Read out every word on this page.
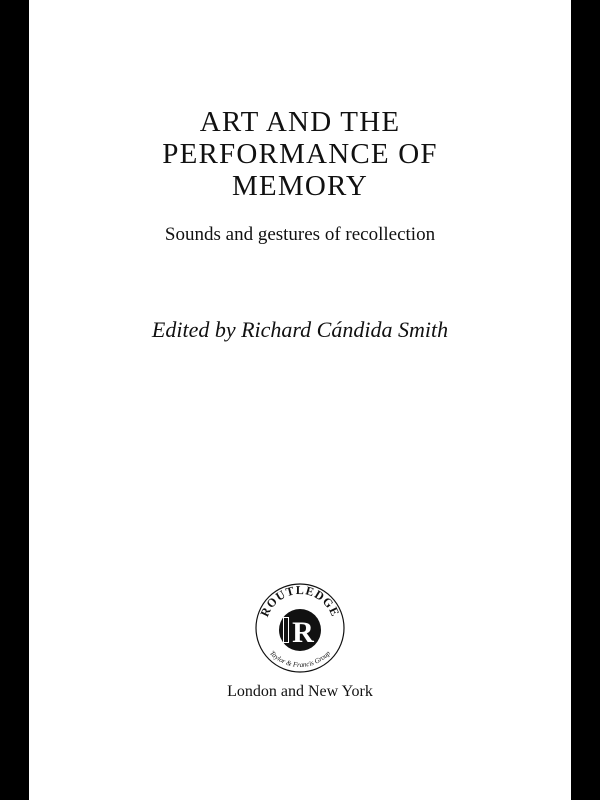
ART AND THE
PERFORMANCE OF
MEMORY
Sounds and gestures of recollection
Edited by Richard Cándida Smith
ROUTLEDGE
Taylor & Francis Group
R
London and New York
